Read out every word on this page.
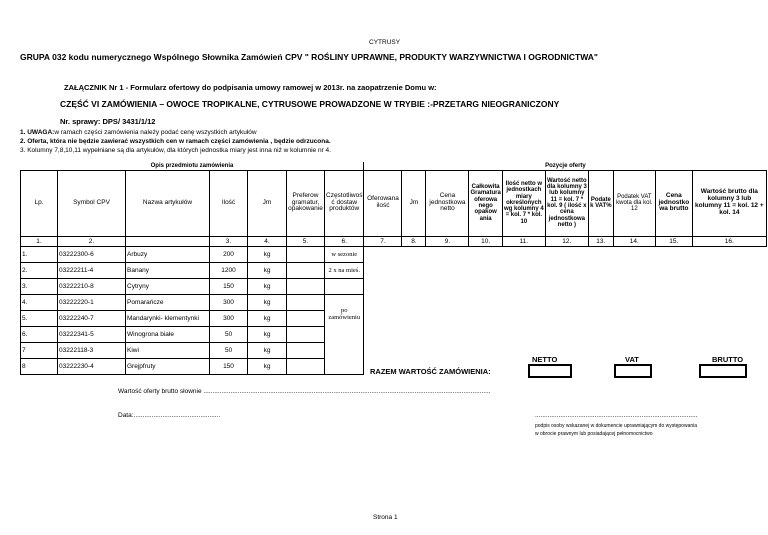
CYTRUSY
GRUPA 032 kodu numerycznego Wspólnego Słownika Zamówień CPV " ROŚLINY UPRAWNE, PRODUKTY WARZYWNICTWA I OGRODNICTWA"
ZAŁĄCZNIK Nr 1 - Formularz ofertowy do podpisania umowy ramowej w 2013r. na zaopatrzenie Domu w:
CZĘŚĆ VI ZAMÓWIENIA – OWOCE TROPIKALNE, CYTRUSOWE PROWADZONE W TRYBIE :-PRZETARG NIEOGRANICZONY
Nr. sprawy: DPS/ 3431/1/12
1. UWAGA:w ramach części zamówienia należy podać cenę wszystkich artykułów
2. Oferta, która nie będzie zawierać wszystkich cen w ramach części zamówienia , będzie odrzucona.
3. Kolumny 7,8,10,11 wypełniane są dla artykułów, dla których jednostka miary jest inna niż w kolumnie nr 4.
Opis przedmiotu zamówienia							Pozycje oferty									
Lp.	Symbol CPV	Nazwa artykułów	Ilość	Jm	Preferow gramatur, opakowanie	Częstotliwoś ć dostaw produktów	Oferowana ilość	Jm	Cena jednostkowa netto	Całkowita Gramatura oferowa nego opakow ania	Ilość netto w jednostkach miary określonych wg kolumny 4 = kol. 7 * kol. 10	Wartość netto dla kolumny 3 lub kolumny 11 = kol. 7 * kol. 9 ( ilość x cena jednostkowa netto )	Podate k VAT%	Podatek VAT kwota dla kol. 12	Cena jednostko wa brutto	Wartość brutto dla kolumny 3 lub kolumny 11 = kol. 12 + kol. 14
1.	2.		3.	4.	5.	6.	7.	8.	9.	10.	11.	12.	13.	14.	15.	16.
1.	03222300-6	Arbuzy	200	kg		w sezonie										
2.	03222211-4	Banany	1200	kg		2 x na mieś.										
3.	03222210-8	Cytryny	150	kg												
4.	03222220-1	Pomarańcze	300	kg		po zamówieniu										
5.	03222240-7	Mandarynki- klementynki	300	kg												
6.	03222341-5	Winogrona białe	50	kg												
7	03222118-3	Kiwi	50	kg												
8	03222230-4	Grejpfruty	150	kg												
NETTO	VAT	BRUTTO
RAZEM WARTOŚĆ ZAMÓWIENIA:
Wartość oferty brutto słownie ...............................................................................................................................................................
Data:................................................	..........................................................................................
podpis osoby wskazanej w dokumencie uprawniającym do występowania
w obrocie prawnym lub posiadającej pełnomocnictwo
Strona 1
